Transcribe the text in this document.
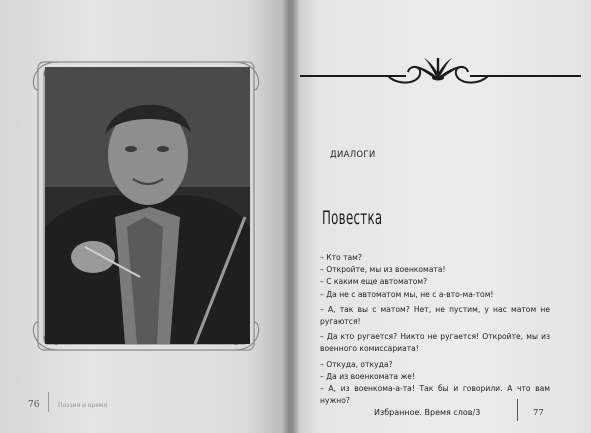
76	Поэзия и время
ДИАЛОГИ
Повестка

– Кто там?

– Откройте, мы из военкомата!

– С каким еще автоматом?

– Да не с автоматом мы, не с а-вто-ма-том!

– А, так вы с матом? Нет, не пустим, у нас матом не ругаются!

– Да кто ругается? Никто не ругается! Откройте, мы из военного комиссариата!

– Откуда, откуда?

– Да из военкомата же!

– А, из военкома-а-та! Так бы и говорили. А что вам нужно?

Избранное. Время слов/3	77
